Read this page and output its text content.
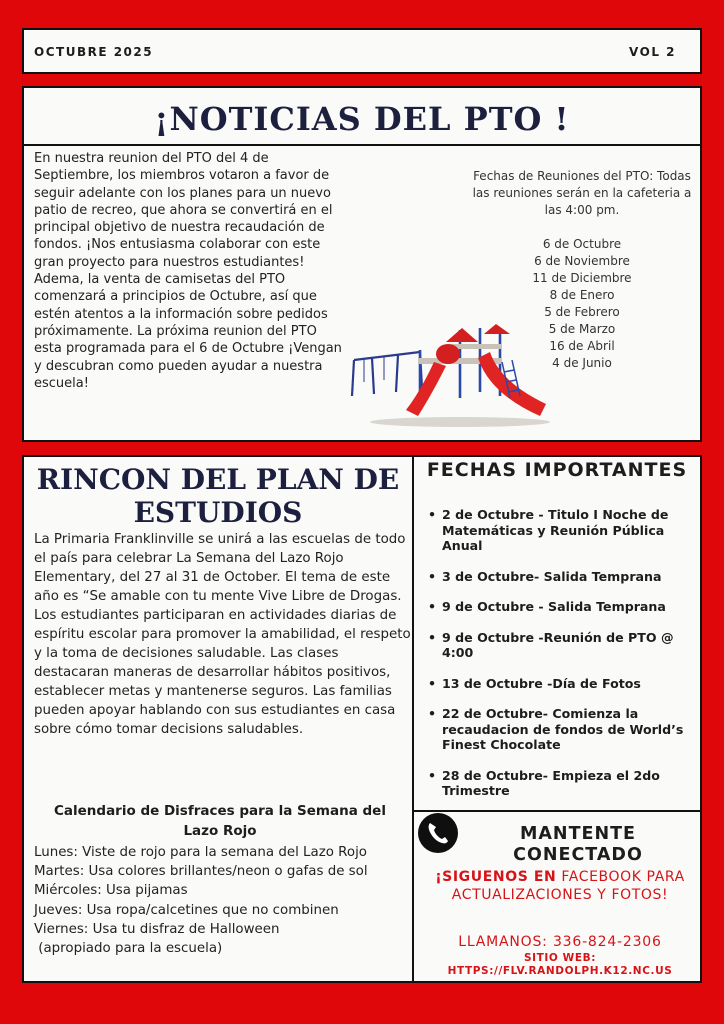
OCTUBRE 2025	VOL 2
¡NOTICIAS DEL PTO !
En nuestra reunion del PTO del 4 de Septiembre, los miembros votaron a favor de seguir adelante con los planes para un nuevo patio de recreo, que ahora se convertirá en el principal objetivo de nuestra recaudación de fondos. ¡Nos entusiasma colaborar con este gran proyecto para nuestros estudiantes! Adema, la venta de camisetas del PTO comenzará a principios de Octubre, así que estén atentos a la información sobre pedidos próximamente. La próxima reunion del PTO esta programada para el 6 de Octubre ¡Vengan y descubran como pueden ayudar a nuestra escuela!
Fechas de Reuniones del PTO: Todas las reuniones serán en la cafeteria a las 4:00 pm.
6 de Octubre
6 de Noviembre
11 de Diciembre
8 de Enero
5 de Febrero
5 de Marzo
16 de Abril
4 de Junio
RINCON DEL PLAN DE ESTUDIOS
La Primaria Franklinville se unirá a las escuelas de todo el país para celebrar La Semana del Lazo Rojo Elementary, del 27 al 31 de October. El tema de este año es “Se amable con tu mente Vive Libre de Drogas. Los estudiantes participaran en actividades diarias de espíritu escolar para promover la amabilidad, el respeto y la toma de decisiones saludable. Las clases destacaran maneras de desarrollar hábitos positivos, establecer metas y mantenerse seguros. Las familias pueden apoyar hablando con sus estudiantes en casa sobre cómo tomar decisions saludables.
Calendario de Disfraces para la Semana del Lazo Rojo
Lunes: Viste de rojo para la semana del Lazo Rojo
Martes: Usa colores brillantes/neon o gafas de sol
Miércoles: Usa pijamas
Jueves: Usa ropa/calcetines que no combinen
Viernes: Usa tu disfraz de Halloween
(apropiado para la escuela)
FECHAS IMPORTANTES
• 2 de Octubre - Titulo I Noche de Matemáticas y Reunión Pública Anual
• 3 de Octubre- Salida Temprana
• 9 de Octubre - Salida Temprana
• 9 de Octubre -Reunión de PTO @ 4:00
• 13 de Octubre -Día de Fotos
• 22 de Octubre- Comienza la recaudacion de fondos de World’s Finest Chocolate
• 28 de Octubre- Empieza el 2do Trimestre
MANTENTE CONECTADO
¡SIGUENOS EN FACEBOOK PARA ACTUALIZACIONES Y FOTOS!
LLAMANOS: 336-824-2306
SITIO WEB:
HTTPS://FLV.RANDOLPH.K12.NC.US
